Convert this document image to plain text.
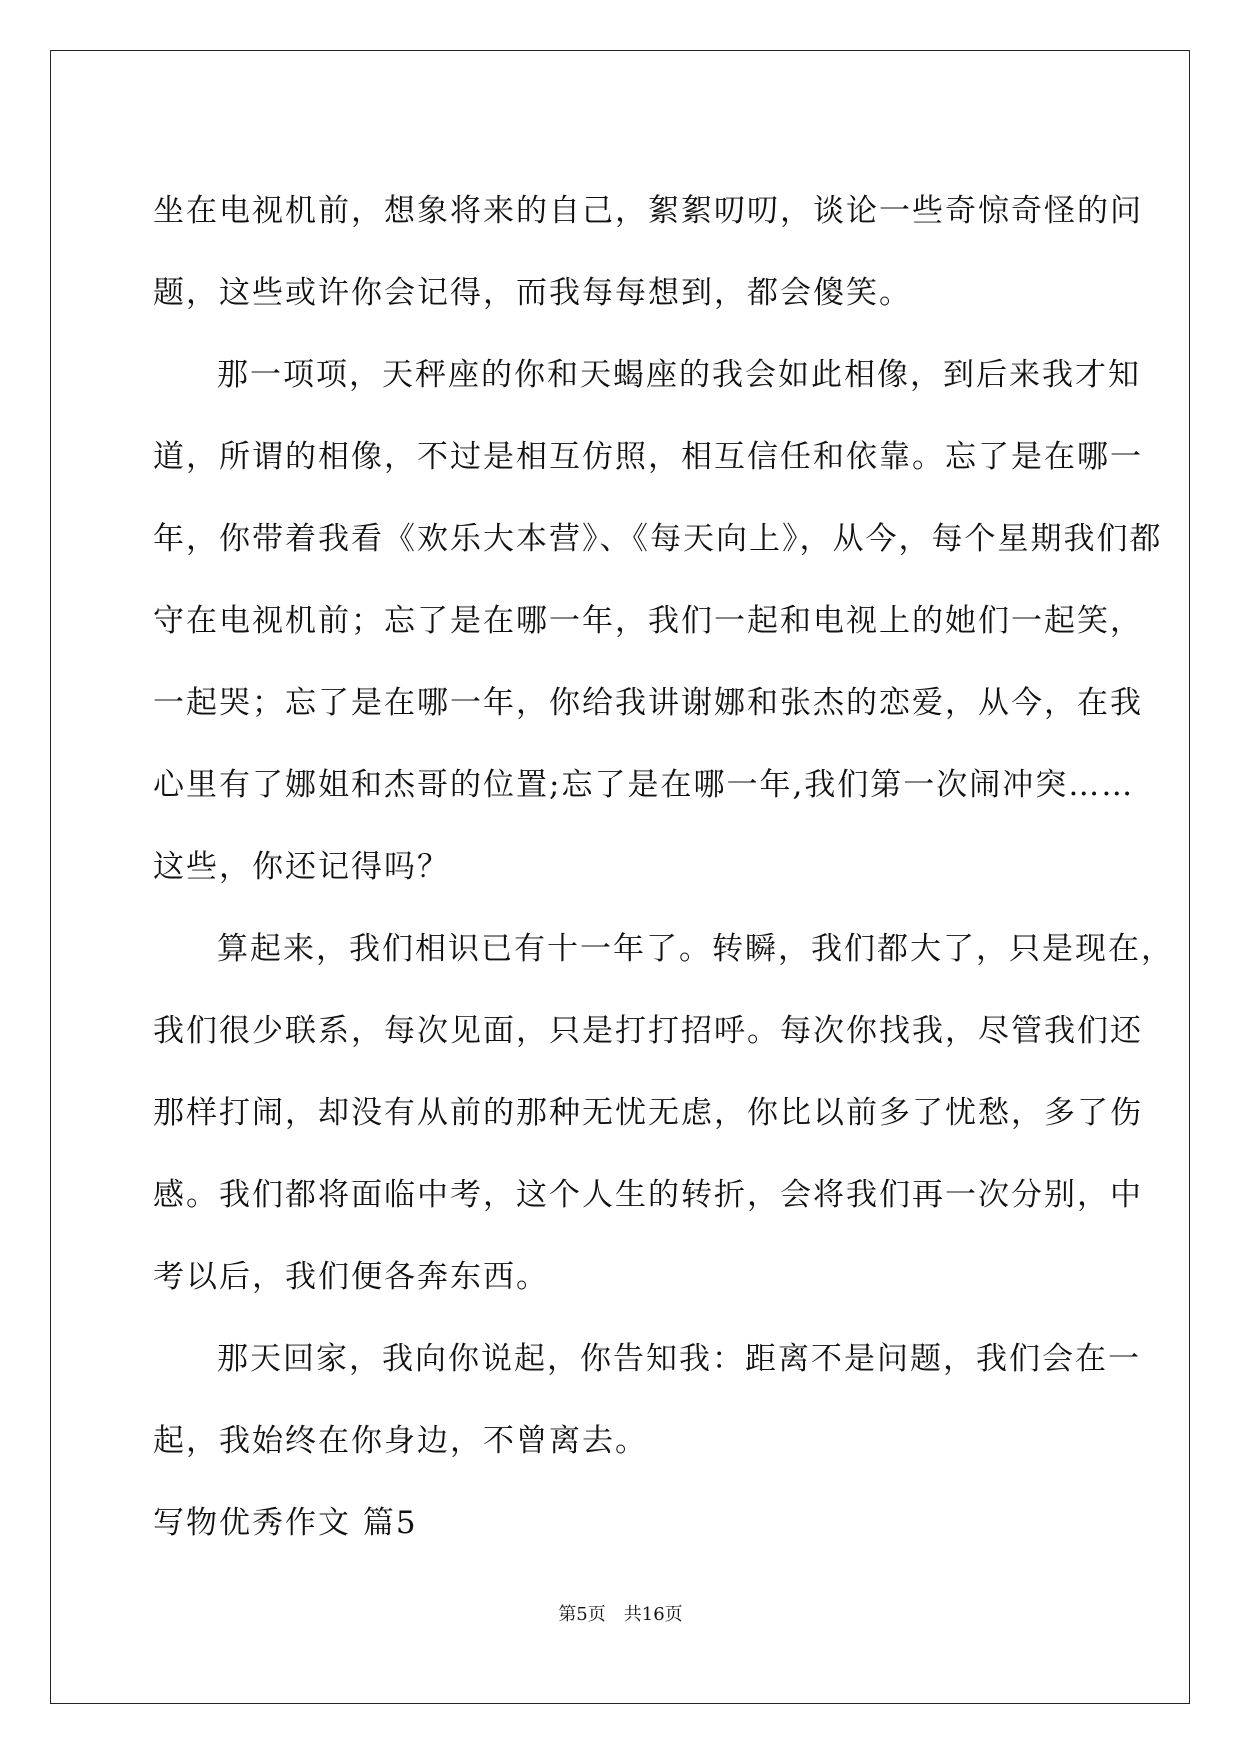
坐在电视机前，想象将来的自己，絮絮叨叨，谈论一些奇惊奇怪的问
题，这些或许你会记得，而我每每想到，都会傻笑。
那一项项，天秤座的你和天蝎座的我会如此相像，到后来我才知
道，所谓的相像，不过是相互仿照，相互信任和依靠。忘了是在哪一
年，你带着我看《欢乐大本营》、《每天向上》，从今，每个星期我们都
守在电视机前；忘了是在哪一年，我们一起和电视上的她们一起笑，
一起哭；忘了是在哪一年，你给我讲谢娜和张杰的恋爱，从今，在我
心里有了娜姐和杰哥的位置;忘了是在哪一年,我们第一次闹冲突……
这些，你还记得吗？
算起来，我们相识已有十一年了。转瞬，我们都大了，只是现在，
我们很少联系，每次见面，只是打打招呼。每次你找我，尽管我们还
那样打闹，却没有从前的那种无忧无虑，你比以前多了忧愁，多了伤
感。我们都将面临中考，这个人生的转折，会将我们再一次分别，中
考以后，我们便各奔东西。
那天回家，我向你说起，你告知我：距离不是问题，我们会在一
起，我始终在你身边，不曾离去。
写物优秀作文 篇5
第5页　共16页
